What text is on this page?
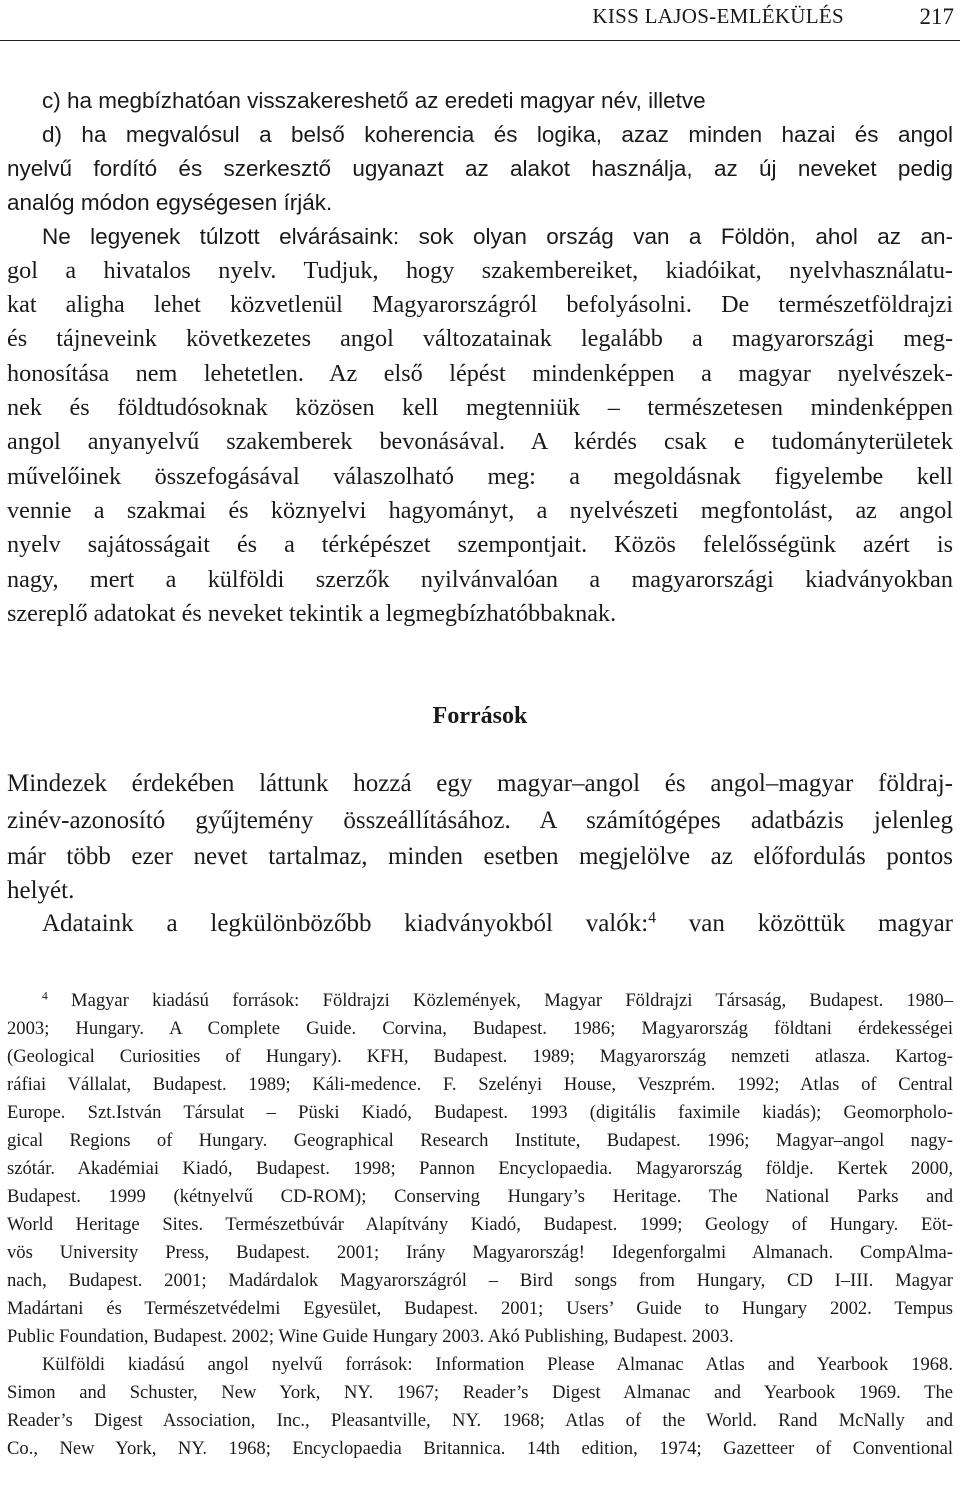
KISS LAJOS-EMLÉKÜLÉS	217
c) ha megbízhatóan visszakereshető az eredeti magyar név, illetve
d) ha megvalósul a belső koherencia és logika, azaz minden hazai és angol
nyelvű fordító és szerkesztő ugyanazt az alakot használja, az új neveket pedig
analóg módon egységesen írják.
Ne legyenek túlzott elvárásaink: sok olyan ország van a Földön, ahol az an-
gol a hivatalos nyelv. Tudjuk, hogy szakembereiket, kiadóikat, nyelvhasználatu-
kat aligha lehet közvetlenül Magyarországról befolyásolni. De természetföldrajzi
és tájneveink következetes angol változatainak legalább a magyarországi meg-
honosítása nem lehetetlen. Az első lépést mindenképpen a magyar nyelvészek-
nek és földtudósoknak közösen kell megtenniük – természetesen mindenképpen
angol anyanyelvű szakemberek bevonásával. A kérdés csak e tudományterületek
művelőinek összefogásával válaszolható meg: a megoldásnak figyelembe kell
vennie a szakmai és köznyelvi hagyományt, a nyelvészeti megfontolást, az angol
nyelv sajátosságait és a térképészet szempontjait. Közös felelősségünk azért is
nagy, mert a külföldi szerzők nyilvánvalóan a magyarországi kiadványokban
szereplő adatokat és neveket tekintik a legmegbízhatóbbaknak.
Források
Mindezek érdekében láttunk hozzá egy magyar–angol és angol–magyar földraj-
zinév-azonosító gyűjtemény összeállításához. A számítógépes adatbázis jelenleg
már több ezer nevet tartalmaz, minden esetben megjelölve az előfordulás pontos
helyét.
Adataink a legkülönbözőbb kiadványokból valók:$^4$ van közöttük magyar
$^4$ Magyar kiadású források: Földrajzi Közlemények, Magyar Földrajzi Társaság, Budapest. 1980–
2003; Hungary. A Complete Guide. Corvina, Budapest. 1986; Magyarország földtani érdekességei
(Geological Curiosities of Hungary). KFH, Budapest. 1989; Magyarország nemzeti atlasza. Kartog-
ráfiai Vállalat, Budapest. 1989; Káli-medence. F. Szelényi House, Veszprém. 1992; Atlas of Central
Europe. Szt.István Társulat – Püski Kiadó, Budapest. 1993 (digitális faximile kiadás); Geomorpholo-
gical Regions of Hungary. Geographical Research Institute, Budapest. 1996; Magyar–angol nagy-
szótár. Akadémiai Kiadó, Budapest. 1998; Pannon Encyclopaedia. Magyarország földje. Kertek 2000,
Budapest. 1999 (kétnyelvű CD-ROM); Conserving Hungary’s Heritage. The National Parks and
World Heritage Sites. Természetbúvár Alapítvány Kiadó, Budapest. 1999; Geology of Hungary. Eöt-
vös University Press, Budapest. 2001; Irány Magyarország! Idegenforgalmi Almanach. CompAlma-
nach, Budapest. 2001; Madárdalok Magyarországról – Bird songs from Hungary, CD I–III. Magyar
Madártani és Természetvédelmi Egyesület, Budapest. 2001; Users’ Guide to Hungary 2002. Tempus
Public Foundation, Budapest. 2002; Wine Guide Hungary 2003. Akó Publishing, Budapest. 2003.
Külföldi kiadású angol nyelvű források: Information Please Almanac Atlas and Yearbook 1968.
Simon and Schuster, New York, NY. 1967; Reader’s Digest Almanac and Yearbook 1969. The
Reader’s Digest Association, Inc., Pleasantville, NY. 1968; Atlas of the World. Rand McNally and
Co., New York, NY. 1968; Encyclopaedia Britannica. 14th edition, 1974; Gazetteer of Conventional
